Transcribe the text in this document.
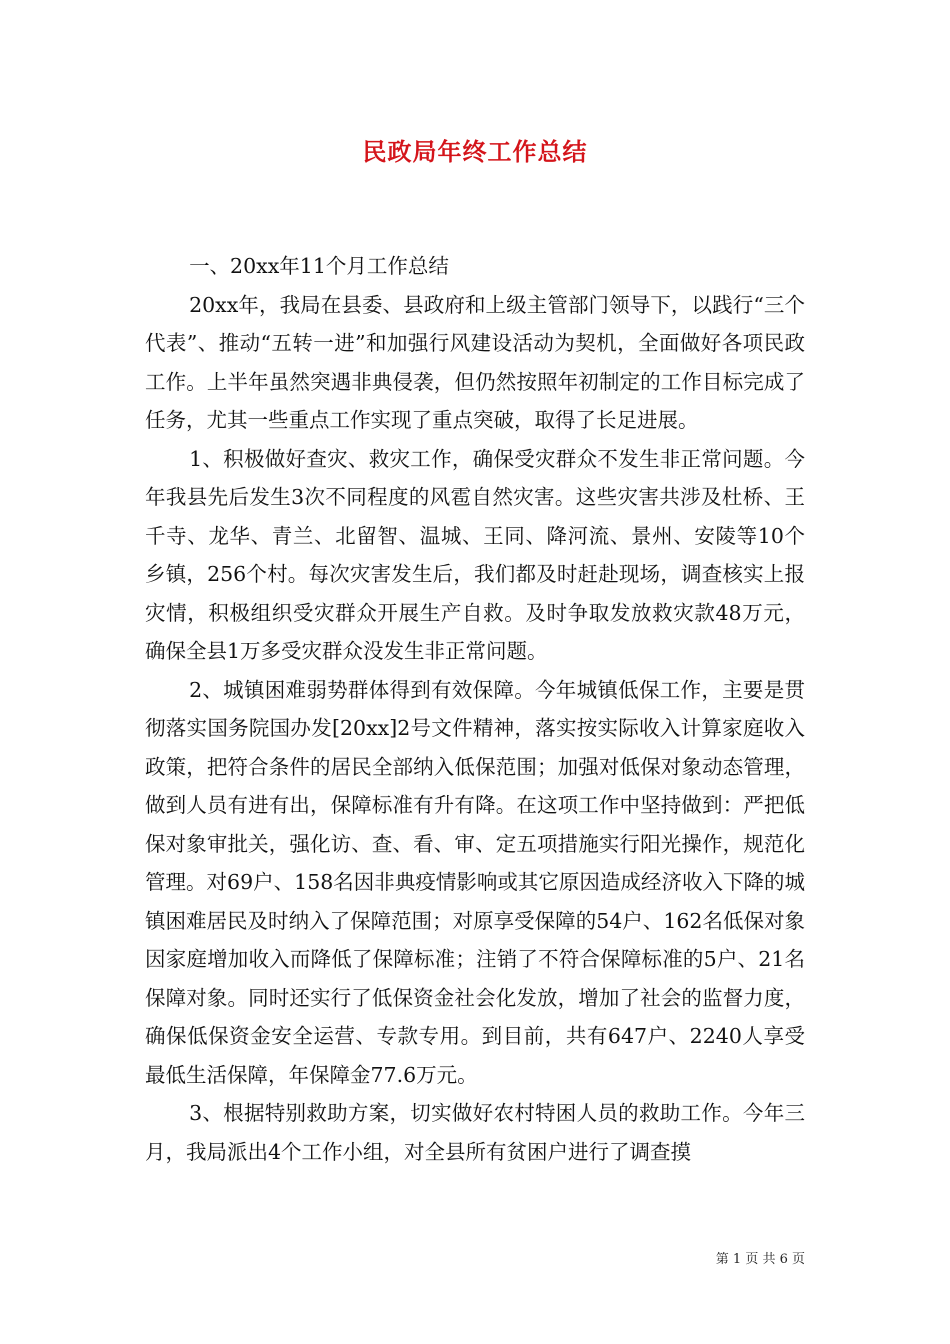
民政局年终工作总结

一、20xx年11个月工作总结

20xx年，我局在县委、县政府和上级主管部门领导下，以践行“三个代表”、推动“五转一进”和加强行风建设活动为契机，全面做好各项民政工作。上半年虽然突遇非典侵袭，但仍然按照年初制定的工作目标完成了任务，尤其一些重点工作实现了重点突破，取得了长足进展。

1、积极做好查灾、救灾工作，确保受灾群众不发生非正常问题。今年我县先后发生3次不同程度的风雹自然灾害。这些灾害共涉及杜桥、王千寺、龙华、青兰、北留智、温城、王同、降河流、景州、安陵等10个乡镇，256个村。每次灾害发生后，我们都及时赶赴现场，调查核实上报灾情，积极组织受灾群众开展生产自救。及时争取发放救灾款48万元，确保全县1万多受灾群众没发生非正常问题。

2、城镇困难弱势群体得到有效保障。今年城镇低保工作，主要是贯彻落实国务院国办发[20xx]2号文件精神，落实按实际收入计算家庭收入政策，把符合条件的居民全部纳入低保范围；加强对低保对象动态管理，做到人员有进有出，保障标准有升有降。在这项工作中坚持做到：严把低保对象审批关，强化访、查、看、审、定五项措施实行阳光操作，规范化管理。对69户、158名因非典疫情影响或其它原因造成经济收入下降的城镇困难居民及时纳入了保障范围；对原享受保障的54户、162名低保对象因家庭增加收入而降低了保障标准；注销了不符合保障标准的5户、21名保障对象。同时还实行了低保资金社会化发放，增加了社会的监督力度，确保低保资金安全运营、专款专用。到目前，共有647户、2240人享受最低生活保障，年保障金77.6万元。

3、根据特别救助方案，切实做好农村特困人员的救助工作。今年三月，我局派出4个工作小组，对全县所有贫困户进行了调查摸

第 1 页 共 6 页
